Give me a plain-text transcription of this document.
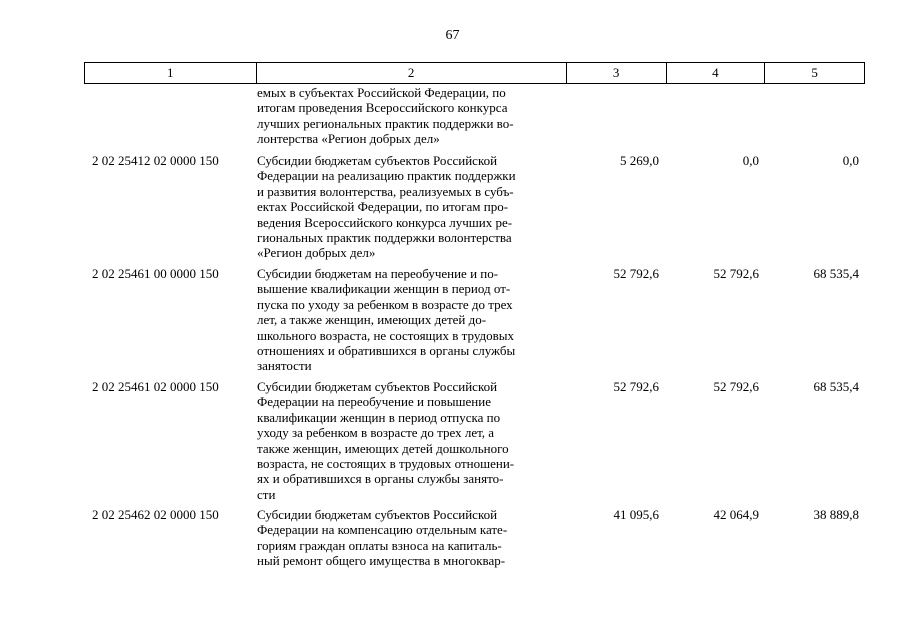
67
1	2	3	4	5
емых в субъектах Российской Федерации, по
итогам проведения Всероссийского конкурса
лучших региональных практик поддержки во-
лонтерства «Регион добрых дел»
2 02 25412 02 0000 150	Субсидии бюджетам субъектов Российской
Федерации на реализацию практик поддержки
и развития волонтерства, реализуемых в субъ-
ектах Российской Федерации, по итогам про-
ведения Всероссийского конкурса лучших ре-
гиональных практик поддержки волонтерства
«Регион добрых дел»
5 269,0	0,0	0,0
2 02 25461 00 0000 150	Субсидии бюджетам на переобучение и по-
вышение квалификации женщин в период от-
пуска по уходу за ребенком в возрасте до трех
лет, а также женщин, имеющих детей до-
школьного возраста, не состоящих в трудовых
отношениях и обратившихся в органы службы
занятости
52 792,6	52 792,6	68 535,4
2 02 25461 02 0000 150	Субсидии бюджетам субъектов Российской
Федерации на переобучение и повышение
квалификации женщин в период отпуска по
уходу за ребенком в возрасте до трех лет, а
также женщин, имеющих детей дошкольного
возраста, не состоящих в трудовых отношени-
ях и обратившихся в органы службы занято-
сти
52 792,6	52 792,6	68 535,4
2 02 25462 02 0000 150	Субсидии бюджетам субъектов Российской
Федерации на компенсацию отдельным кате-
гориям граждан оплаты взноса на капиталь-
ный ремонт общего имущества в многоквар-
41 095,6	42 064,9	38 889,8
